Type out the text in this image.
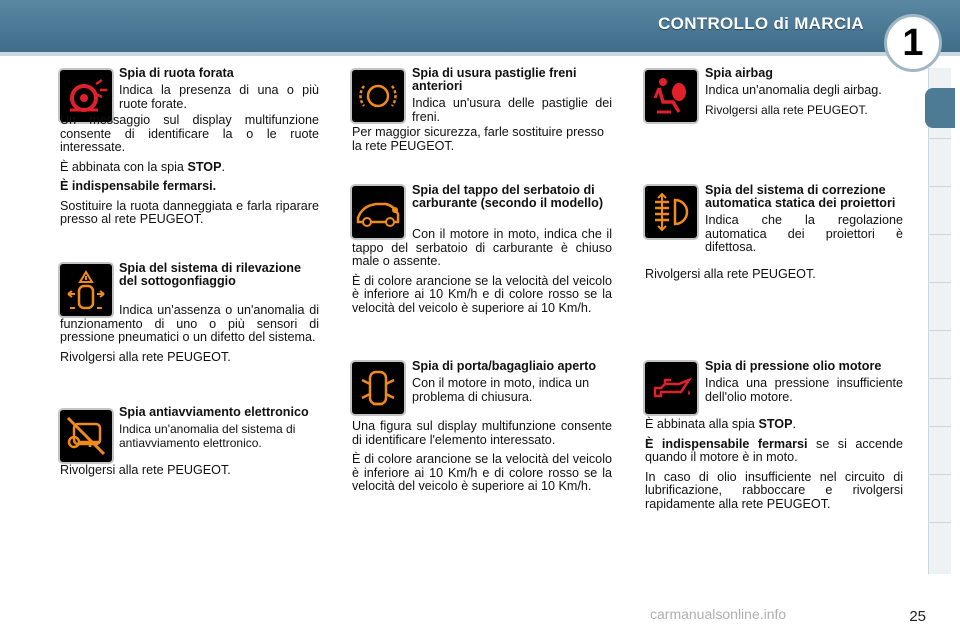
CONTROLLO di MARCIA	1
Spia di ruota forata

Indica la presenza di una o più ruote forate.

Un messaggio sul display multifunzione consente di identificare la o le ruote interessate.

È abbinata con la spia STOP.

È indispensabile fermarsi.

Sostituire la ruota danneggiata e farla riparare presso al rete PEUGEOT.

Spia del sistema di rilevazione del sottogonfiaggio

Indica un'assenza o un'anomalia di funzionamento di uno o più sensori di pressione pneumatici o un difetto del sistema.

Rivolgersi alla rete PEUGEOT.

Spia antiavviamento elettronico

Indica un'anomalia del sistema di antiavviamento elettronico.

Rivolgersi alla rete PEUGEOT.

Spia di usura pastiglie freni anteriori

Indica un'usura delle pastiglie dei freni.

Per maggior sicurezza, farle sostituire presso la rete PEUGEOT.

Spia del tappo del serbatoio di carburante (secondo il modello)

Con il motore in moto, indica che il tappo del serbatoio di carburante è chiuso male o assente.

È di colore arancione se la velocità del veicolo è inferiore ai 10 Km/h e di colore rosso se la velocità del veicolo è superiore ai 10 Km/h.

Spia di porta/bagagliaio aperto

Con il motore in moto, indica un problema di chiusura.

Una figura sul display multifunzione consente di identificare l'elemento interessato.

È di colore arancione se la velocità del veicolo è inferiore ai 10 Km/h e di colore rosso se la velocità del veicolo è superiore ai 10 Km/h.

Spia airbag

Indica un'anomalia degli airbag.

Rivolgersi alla rete PEUGEOT.

Spia del sistema di correzione automatica statica dei proiettori

Indica che la regolazione automatica dei proiettori è difettosa.

Rivolgersi alla rete PEUGEOT.

Spia di pressione olio motore

Indica una pressione insufficiente dell'olio motore.

È abbinata alla spia STOP.

È indispensabile fermarsi se si accende quando il motore è in moto.

In caso di olio insufficiente nel circuito di lubrificazione, rabboccare e rivolgersi rapidamente alla rete PEUGEOT.

carmanualsonline.info	25
